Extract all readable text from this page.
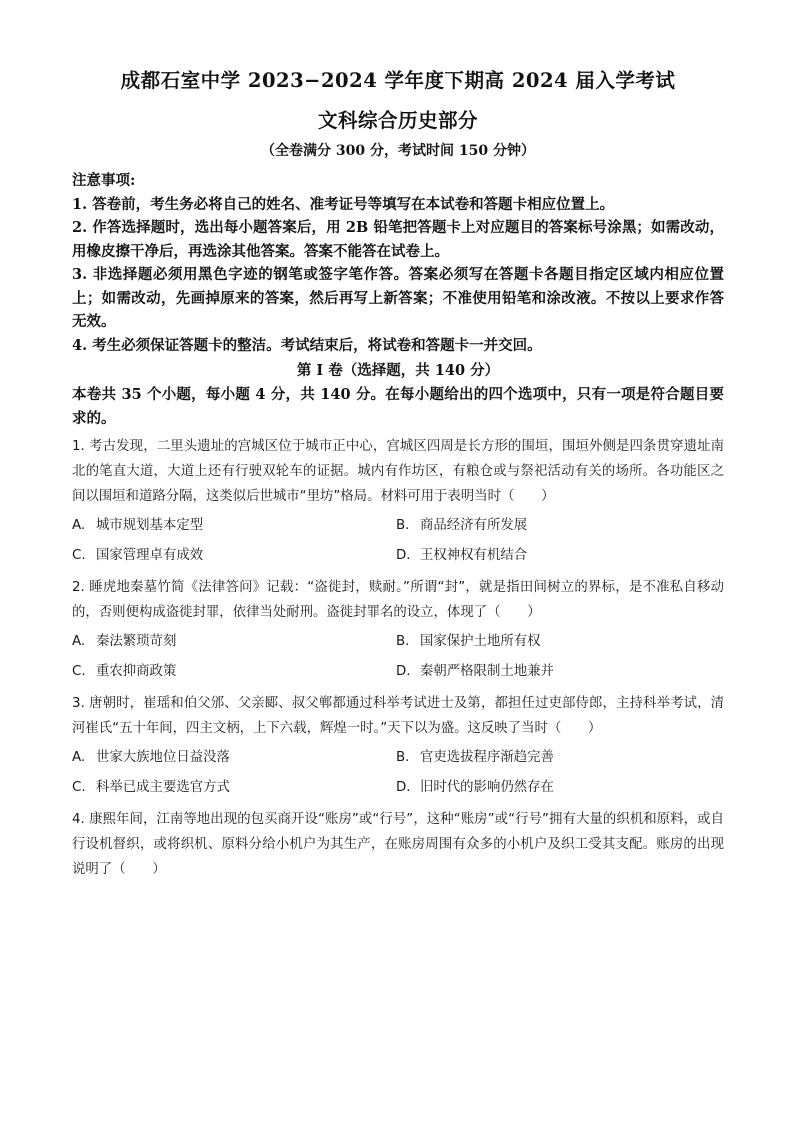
成都石室中学 2023−2024 学年度下期高 2024 届入学考试
文科综合历史部分
（全卷满分 300 分，考试时间 150 分钟）
注意事项:
1. 答卷前，考生务必将自己的姓名、准考证号等填写在本试卷和答题卡相应位置上。
2. 作答选择题时，选出每小题答案后，用 2B 铅笔把答题卡上对应题目的答案标号涂黑；如需改动，用橡皮擦干净后，再选涂其他答案。答案不能答在试卷上。
3. 非选择题必须用黑色字迹的钢笔或签字笔作答。答案必须写在答题卡各题目指定区域内相应位置上；如需改动，先画掉原来的答案，然后再写上新答案；不准使用铅笔和涂改液。不按以上要求作答无效。
4. 考生必须保证答题卡的整洁。考试结束后，将试卷和答题卡一并交回。
第 I 卷（选择题，共 140 分）
本卷共 35 个小题，每小题 4 分，共 140 分。在每小题给出的四个选项中，只有一项是符合题目要求的。
1. 考古发现，二里头遗址的宫城区位于城市正中心，宫城区四周是长方形的围垣，围垣外侧是四条贯穿遗址南北的笔直大道，大道上还有行驶双轮车的证据。城内有作坊区，有粮仓或与祭祀活动有关的场所。各功能区之间以围垣和道路分隔，这类似后世城市“里坊”格局。材料可用于表明当时（　　）
A. 城市规划基本定型	B. 商品经济有所发展
C. 国家管理卓有成效	D. 王权神权有机结合
2. 睡虎地秦墓竹简《法律答问》记载：“盗徙封，赎耐。”所谓“封”，就是指田间树立的界标，是不准私自移动的，否则便构成盗徙封罪，依律当处耐刑。盗徙封罪名的设立，体现了（　　）
A. 秦法繁琐苛刻	B. 国家保护土地所有权
C. 重农抑商政策	D. 秦朝严格限制土地兼并
3. 唐朝时，崔瑶和伯父邠、父亲郾、叔父郸都通过科举考试进士及第，都担任过吏部侍郎，主持科举考试，清河崔氏“五十年间，四主文柄，上下六载，辉煌一时。”天下以为盛。这反映了当时（　　）
A. 世家大族地位日益没落	B. 官吏选拔程序渐趋完善
C. 科举已成主要选官方式	D. 旧时代的影响仍然存在
4. 康熙年间，江南等地出现的包买商开设“账房”或“行号”，这种“账房”或“行号”拥有大量的织机和原料，或自行设机督织，或将织机、原料分给小机户为其生产，在账房周围有众多的小机户及织工受其支配。账房的出现说明了（　　）
